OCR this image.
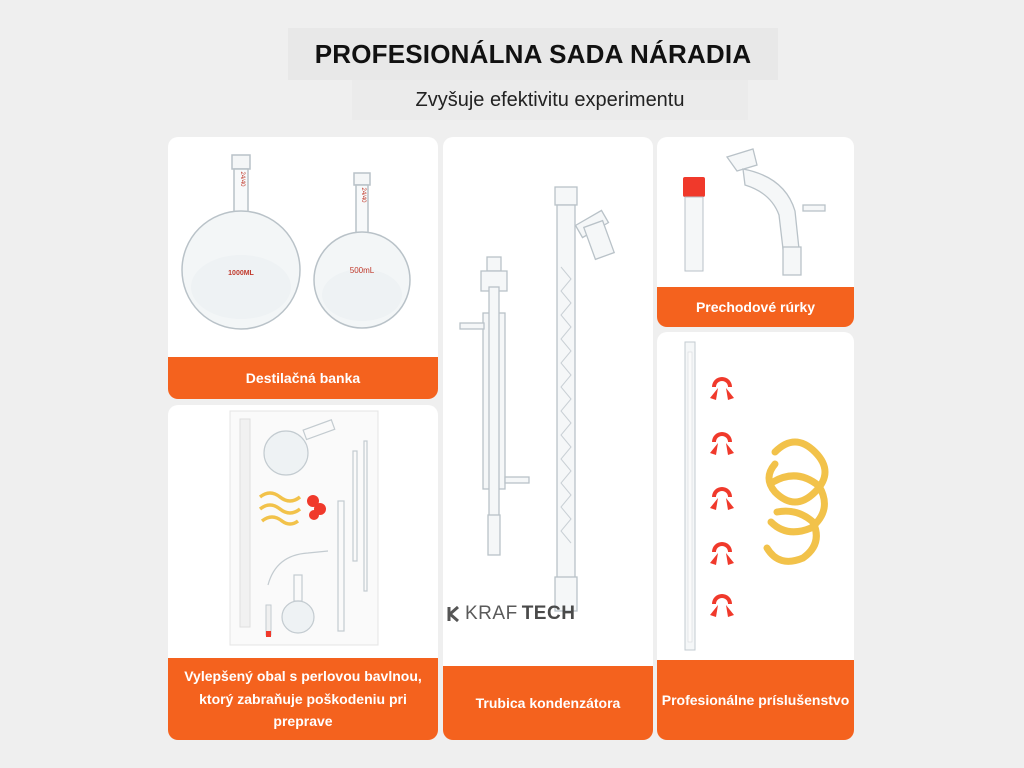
PROFESIONÁLNA SADA NÁRADIA
Zvyšuje efektivitu experimentu
1000ML	500mL
24/40
24/40
Destilačná banka
Vylepšený obal s perlovou bavlnou, ktorý zabraňuje poškodeniu pri preprave
Trubica kondenzátora
KRAF TECH
Prechodové rúrky
Profesionálne príslušenstvo
